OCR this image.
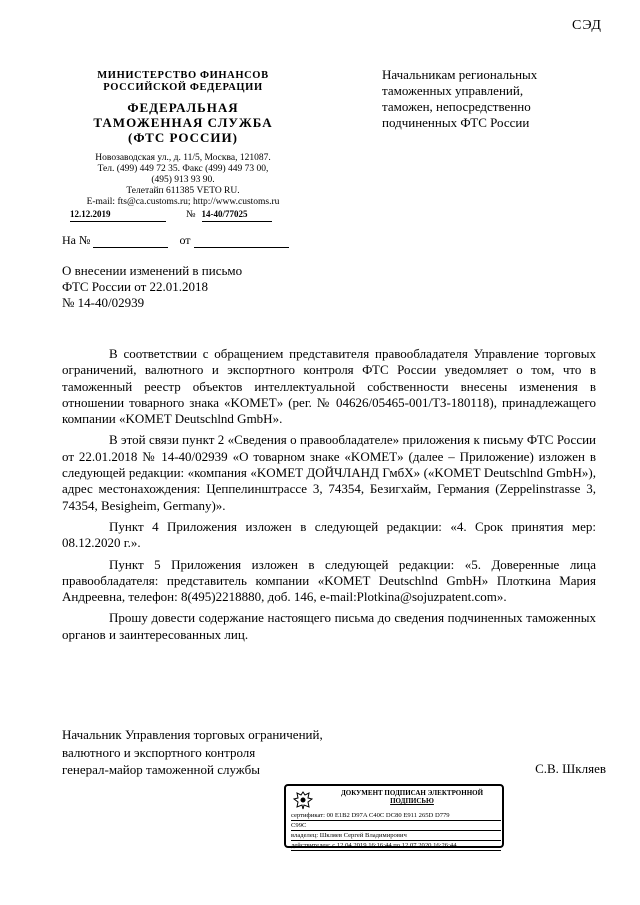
СЭД
МИНИСТЕРСТВО ФИНАНСОВ
РОССИЙСКОЙ ФЕДЕРАЦИИ
ФЕДЕРАЛЬНАЯ
ТАМОЖЕННАЯ СЛУЖБА
(ФТС РОССИИ)
Новозаводская ул., д. 11/5, Москва, 121087.
Тел. (499) 449 72 35. Факс (499) 449 73 00,
(495) 913 93 90.
Телетайп 611385 VETO RU.
E-mail: fts@ca.customs.ru; http://www.customs.ru
12.12.2019	№ 14-40/77025
На №	от
Начальникам региональных
таможенных управлений,
таможен, непосредственно
подчиненных ФТС России
О внесении изменений в письмо
ФТС России от 22.01.2018
№ 14-40/02939

В соответствии с обращением представителя правообладателя Управление торговых ограничений, валютного и экспортного контроля ФТС России уведомляет о том, что в таможенный реестр объектов интеллектуальной собственности внесены изменения в отношении товарного знака «KOMET» (рег. № 04626/05465-001/ТЗ-180118), принадлежащего компании «KOMET Deutschlnd GmbH».

В этой связи пункт 2 «Сведения о правообладателе» приложения к письму ФТС России от 22.01.2018 № 14-40/02939 «О товарном знаке «KOMET» (далее – Приложение) изложен в следующей редакции: «компания «KOMET ДОЙЧЛАНД ГмбХ» («KOMET Deutschlnd GmbH»), адрес местонахождения: Цеппелинштрассе 3, 74354, Безигхайм, Германия (Zeppelinstrasse 3, 74354, Besigheim, Germany)».

Пункт 4 Приложения изложен в следующей редакции: «4. Срок принятия мер: 08.12.2020 г.».

Пункт 5 Приложения изложен в следующей редакции: «5. Доверенные лица правообладателя: представитель компании «KOMET Deutschlnd GmbH» Плоткина Мария Андреевна, телефон: 8(495)2218880, доб. 146, e-mail:Plotkina@sojuzpatent.com».

Прошу довести содержание настоящего письма до сведения подчиненных таможенных органов и заинтересованных лиц.

Начальник Управления торговых ограничений,
валютного и экспортного контроля
генерал-майор таможенной службы	С.В. Шкляев
ДОКУМЕНТ ПОДПИСАН ЭЛЕКТРОННОЙ
ПОДПИСЬЮ
сертификат: 00 E1B2 D97A C40C DC80 E911 265D D779
C99C
владелец: Шкляев Сергей Владимирович
действителен: с 12.04.2019 16:16:44 по 12.07.2020 16:26:44
